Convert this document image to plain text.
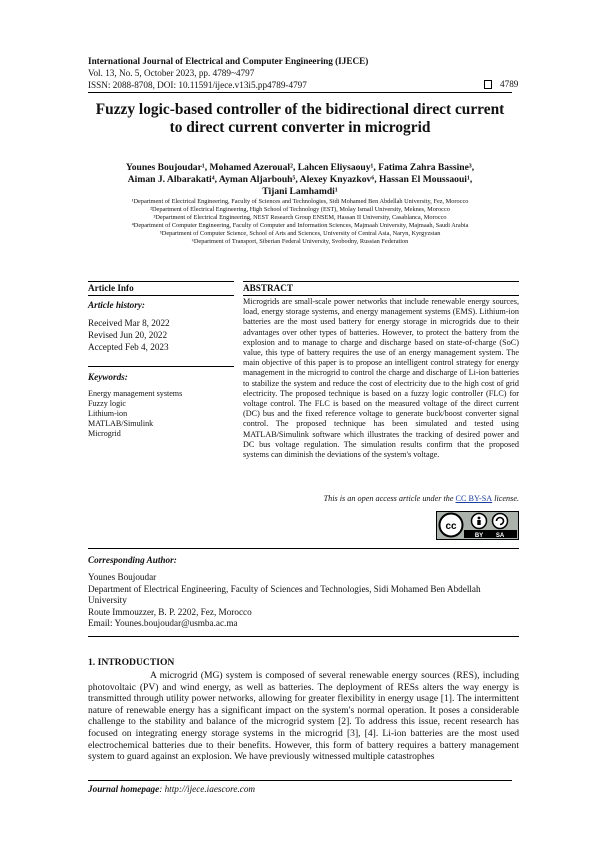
International Journal of Electrical and Computer Engineering (IJECE)
Vol. 13, No. 5, October 2023, pp. 4789~4797
ISSN: 2088-8708, DOI: 10.11591/ijece.v13i5.pp4789-4797	4789
Fuzzy logic-based controller of the bidirectional direct current
to direct current converter in microgrid
Younes Boujoudar¹, Mohamed Azeroual², Lahcen Eliysaouy¹, Fatima Zahra Bassine³,
Aiman J. Albarakati⁴, Ayman Aljarbouh⁵, Alexey Knyazkov⁶, Hassan El Moussaoui¹,
Tijani Lamhamdi¹
¹Department of Electrical Engineering, Faculty of Sciences and Technologies, Sidi Mohamed Ben Abdellah University, Fez, Morocco
²Department of Electrical Engineering, High School of Technology (EST), Molay Ismail University, Meknes, Morocco
³Department of Electrical Engineering, NEST Research Group ENSEM, Hassan II University, Casablanca, Morocco
⁴Department of Computer Engineering, Faculty of Computer and Information Sciences, Majmaah University, Majmaah, Saudi Arabia
⁵Department of Computer Science, School of Arts and Sciences, University of Central Asia, Naryn, Kyrgyzstan
⁶Department of Transport, Siberian Federal University, Svobodny, Russian Federation
Article Info
Article history:
Received Mar 8, 2022
Revised Jun 20, 2022
Accepted Feb 4, 2023
Keywords:
Energy management systems
Fuzzy logic
Lithium-ion
MATLAB/Simulink
Microgrid
ABSTRACT
Microgrids are small-scale power networks that include renewable energy sources, load, energy storage systems, and energy management systems (EMS). Lithium-ion batteries are the most used battery for energy storage in microgrids due to their advantages over other types of batteries. However, to protect the battery from the explosion and to manage to charge and discharge based on state-of-charge (SoC) value, this type of battery requires the use of an energy management system. The main objective of this paper is to propose an intelligent control strategy for energy management in the microgrid to control the charge and discharge of Li-ion batteries to stabilize the system and reduce the cost of electricity due to the high cost of grid electricity. The proposed technique is based on a fuzzy logic controller (FLC) for voltage control. The FLC is based on the measured voltage of the direct current (DC) bus and the fixed reference voltage to generate buck/boost converter signal control. The proposed technique has been simulated and tested using MATLAB/Simulink software which illustrates the tracking of desired power and DC bus voltage regulation. The simulation results confirm that the proposed systems can diminish the deviations of the system's voltage.
This is an open access article under the CC BY-SA license.
cc
BY SA
Corresponding Author:
Younes Boujoudar
Department of Electrical Engineering, Faculty of Sciences and Technologies, Sidi Mohamed Ben Abdellah
University
Route Immouzzer, B. P. 2202, Fez, Morocco
Email: Younes.boujoudar@usmba.ac.ma
1. INTRODUCTION
A microgrid (MG) system is composed of several renewable energy sources (RES), including photovoltaic (PV) and wind energy, as well as batteries. The deployment of RESs alters the way energy is transmitted through utility power networks, allowing for greater flexibility in energy usage [1]. The intermittent nature of renewable energy has a significant impact on the system's normal operation. It poses a considerable challenge to the stability and balance of the microgrid system [2]. To address this issue, recent research has focused on integrating energy storage systems in the microgrid [3], [4]. Li-ion batteries are the most used electrochemical batteries due to their benefits. However, this form of battery requires a battery management system to guard against an explosion. We have previously witnessed multiple catastrophes
Journal homepage: http://ijece.iaescore.com
